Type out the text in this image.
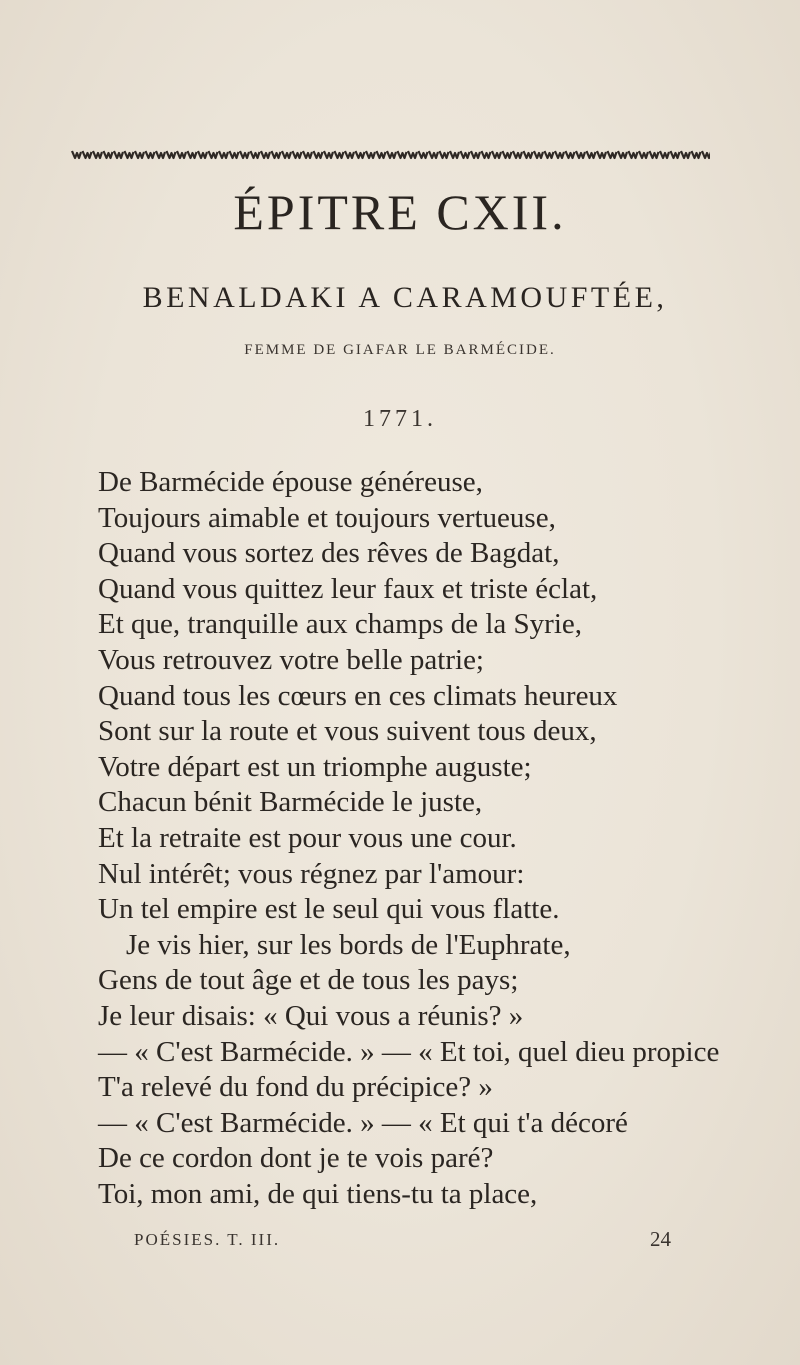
ÉPITRE CXII.
BENALDAKI A CARAMOUFTÉE,
FEMME DE GIAFAR LE BARMÉCIDE.
1771.
De Barmécide épouse généreuse,
Toujours aimable et toujours vertueuse,
Quand vous sortez des rêves de Bagdat,
Quand vous quittez leur faux et triste éclat,
Et que, tranquille aux champs de la Syrie,
Vous retrouvez votre belle patrie;
Quand tous les cœurs en ces climats heureux
Sont sur la route et vous suivent tous deux,
Votre départ est un triomphe auguste;
Chacun bénit Barmécide le juste,
Et la retraite est pour vous une cour.
Nul intérêt; vous régnez par l'amour:
Un tel empire est le seul qui vous flatte.
Je vis hier, sur les bords de l'Euphrate,
Gens de tout âge et de tous les pays;
Je leur disais: « Qui vous a réunis? »
— « C'est Barmécide. » — « Et toi, quel dieu propice
T'a relevé du fond du précipice? »
— « C'est Barmécide. » — « Et qui t'a décoré
De ce cordon dont je te vois paré?
Toi, mon ami, de qui tiens-tu ta place,
POÉSIES. T. III.	24
